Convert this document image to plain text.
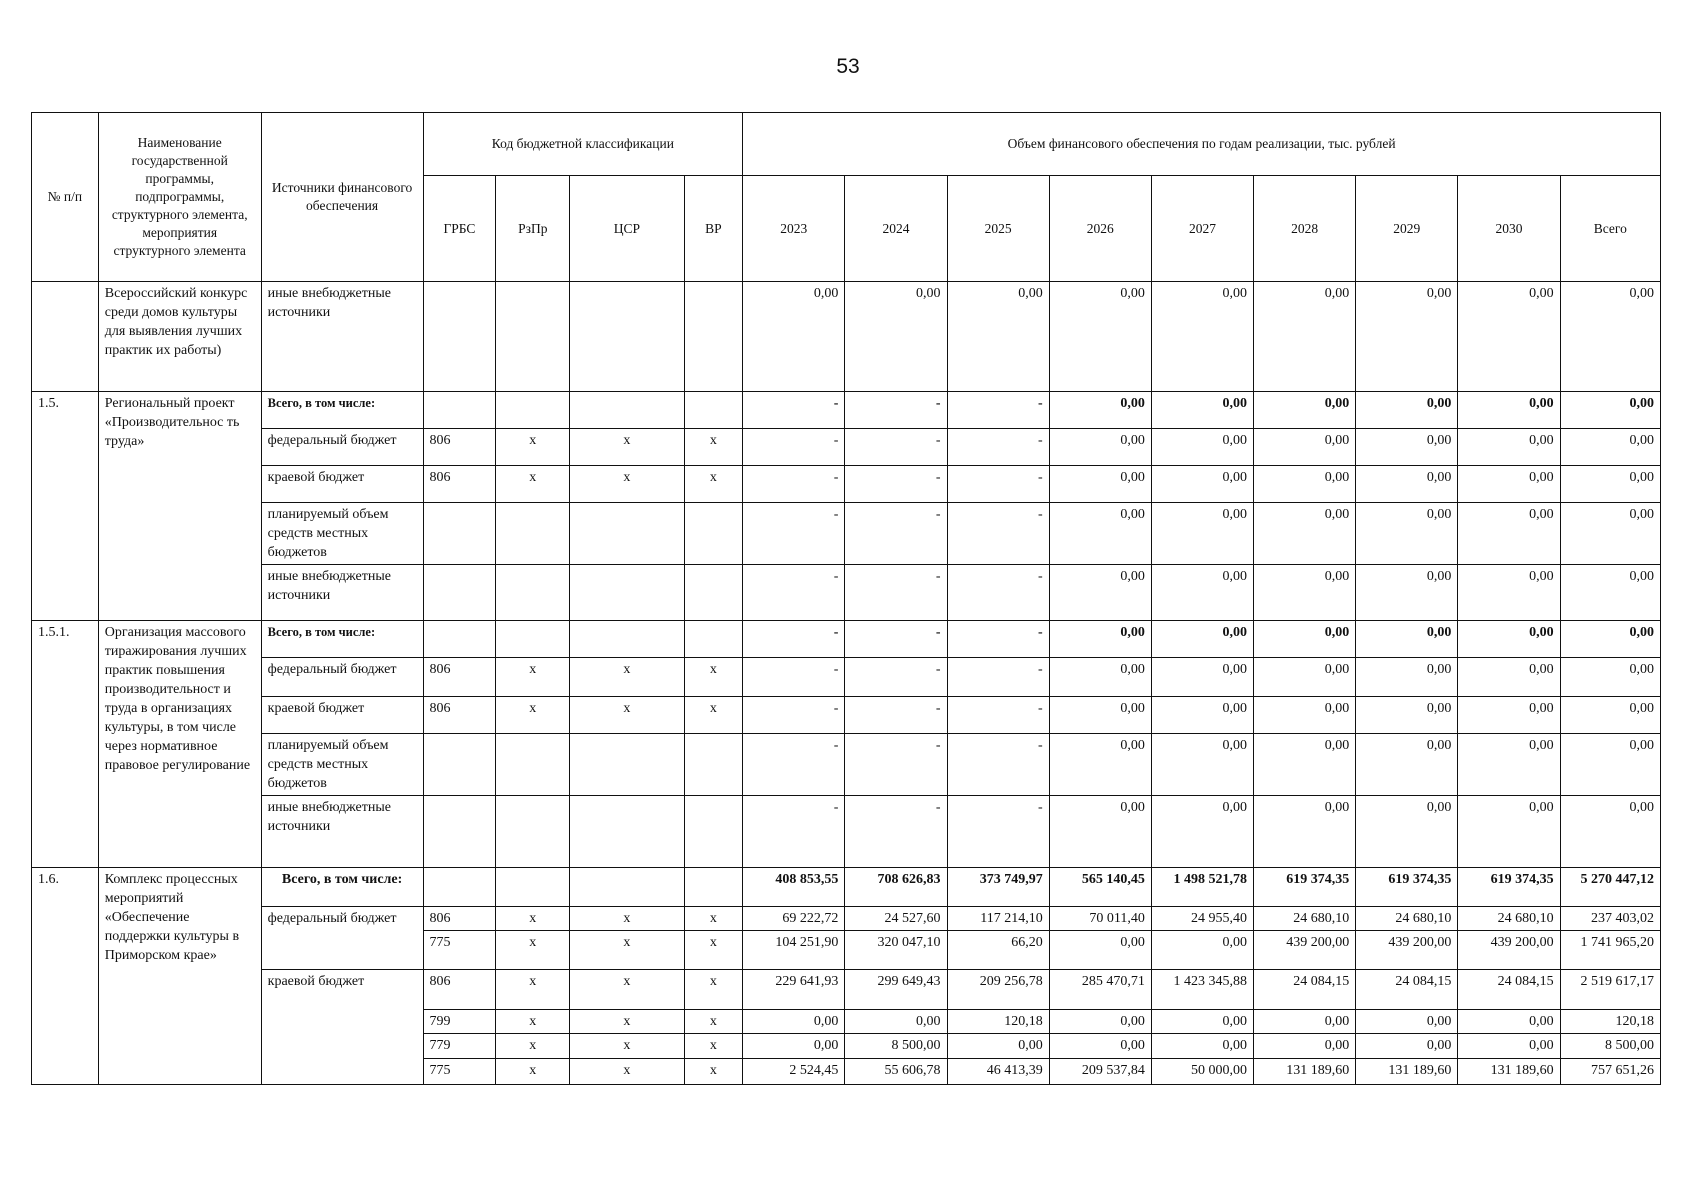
53
№ п/п	Наименование государственной программы, подпрограммы, структурного элемента, мероприятия структурного элемента	Источники финансового обеспечения	Код бюджетной классификации				Объем финансового обеспечения по годам реализации, тыс. рублей								
			ГРБС	РзПр	ЦСР	ВР	2023	2024	2025	2026	2027	2028	2029	2030	Всего
	Всероссийский конкурс среди домов культуры для выявления лучших практик их работы)	иные внебюджетные источники					0,00	0,00	0,00	0,00	0,00	0,00	0,00	0,00	0,00
1.5.	Региональный проект «Производительнос ть труда»	Всего, в том числе:					-	-	-	0,00	0,00	0,00	0,00	0,00	0,00
		федеральный бюджет	806	x	x	x	-	-	-	0,00	0,00	0,00	0,00	0,00	0,00
		краевой бюджет	806	x	x	x	-	-	-	0,00	0,00	0,00	0,00	0,00	0,00
		планируемый объем средств местных бюджетов					-	-	-	0,00	0,00	0,00	0,00	0,00	0,00
		иные внебюджетные источники					-	-	-	0,00	0,00	0,00	0,00	0,00	0,00
1.5.1.	Организация массового тиражирования лучших практик повышения производительност и труда в организациях культуры, в том числе через нормативное правовое регулирование	Всего, в том числе:					-	-	-	0,00	0,00	0,00	0,00	0,00	0,00
		федеральный бюджет	806	x	x	x	-	-	-	0,00	0,00	0,00	0,00	0,00	0,00
		краевой бюджет	806	x	x	x	-	-	-	0,00	0,00	0,00	0,00	0,00	0,00
		планируемый объем средств местных бюджетов					-	-	-	0,00	0,00	0,00	0,00	0,00	0,00
		иные внебюджетные источники					-	-	-	0,00	0,00	0,00	0,00	0,00	0,00
1.6.	Комплекс процессных мероприятий «Обеспечение поддержки культуры в Приморском крае»	Всего, в том числе:					408 853,55	708 626,83	373 749,97	565 140,45	1 498 521,78	619 374,35	619 374,35	619 374,35	5 270 447,12
		федеральный бюджет	806	x	x	x	69 222,72	24 527,60	117 214,10	70 011,40	24 955,40	24 680,10	24 680,10	24 680,10	237 403,02
			775	x	x	x	104 251,90	320 047,10	66,20	0,00	0,00	439 200,00	439 200,00	439 200,00	1 741 965,20
		краевой бюджет	806	x	x	x	229 641,93	299 649,43	209 256,78	285 470,71	1 423 345,88	24 084,15	24 084,15	24 084,15	2 519 617,17
			799	x	x	x	0,00	0,00	120,18	0,00	0,00	0,00	0,00	0,00	120,18
			779	x	x	x	0,00	8 500,00	0,00	0,00	0,00	0,00	0,00	0,00	8 500,00
			775	x	x	x	2 524,45	55 606,78	46 413,39	209 537,84	50 000,00	131 189,60	131 189,60	131 189,60	757 651,26
